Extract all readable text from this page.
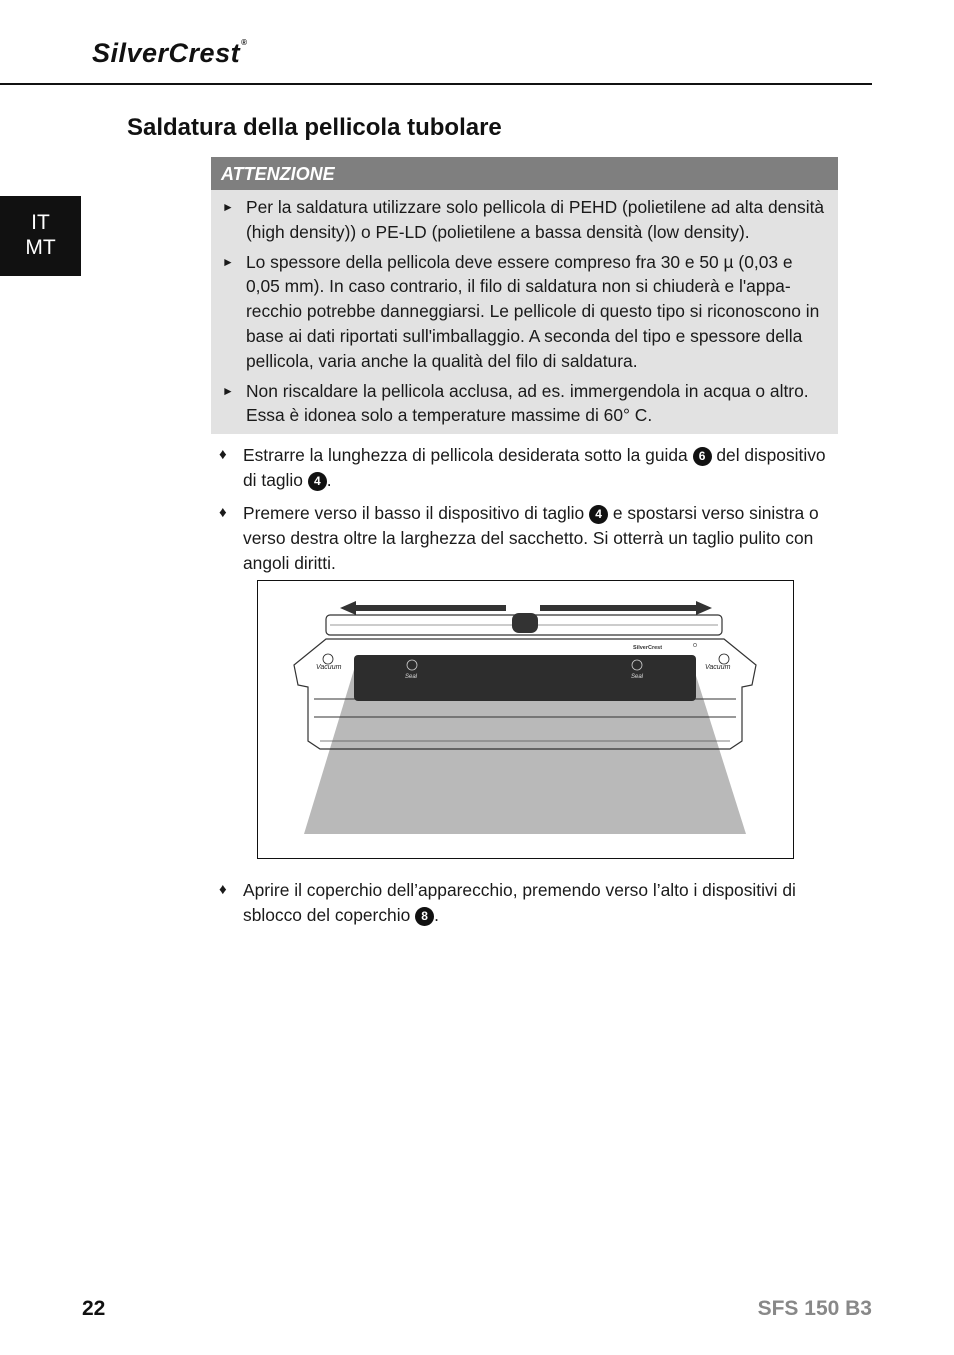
SilverCrest®
IT
MT
Saldatura della pellicola tubolare
ATTENZIONE
► Per la saldatura utilizzare solo pellicola di PEHD (polietilene ad alta densità (high density)) o PE-LD (polietilene a bassa densità (low density).
► Lo spessore della pellicola deve essere compreso fra 30 e 50 µ (0,03 e 0,05 mm). In caso contrario, il filo di saldatura non si chiuderà e l'appa-recchio potrebbe danneggiarsi. Le pellicole di questo tipo si riconoscono in base ai dati riportati sull'imballaggio. A seconda del tipo e spessore della pellicola, varia anche la qualità del filo di saldatura.
► Non riscaldare la pellicola acclusa, ad es. immergendola in acqua o altro. Essa è idonea solo a temperature massime di 60° C.
♦ Estrarre la lunghezza di pellicola desiderata sotto la guida 6 del dispositivo di taglio 4 .
♦ Premere verso il basso il dispositivo di taglio 4 e spostarsi verso sinistra o verso destra oltre la larghezza del sacchetto. Si otterrà un taglio pulito con angoli diritti.
SilverCrest
Vacuum	Vacuum
Seal	Seal
♦ Aprire il coperchio dell’apparecchio, premendo verso l’alto i dispositivi di sblocco del coperchio 8 .
22	SFS 150 B3
